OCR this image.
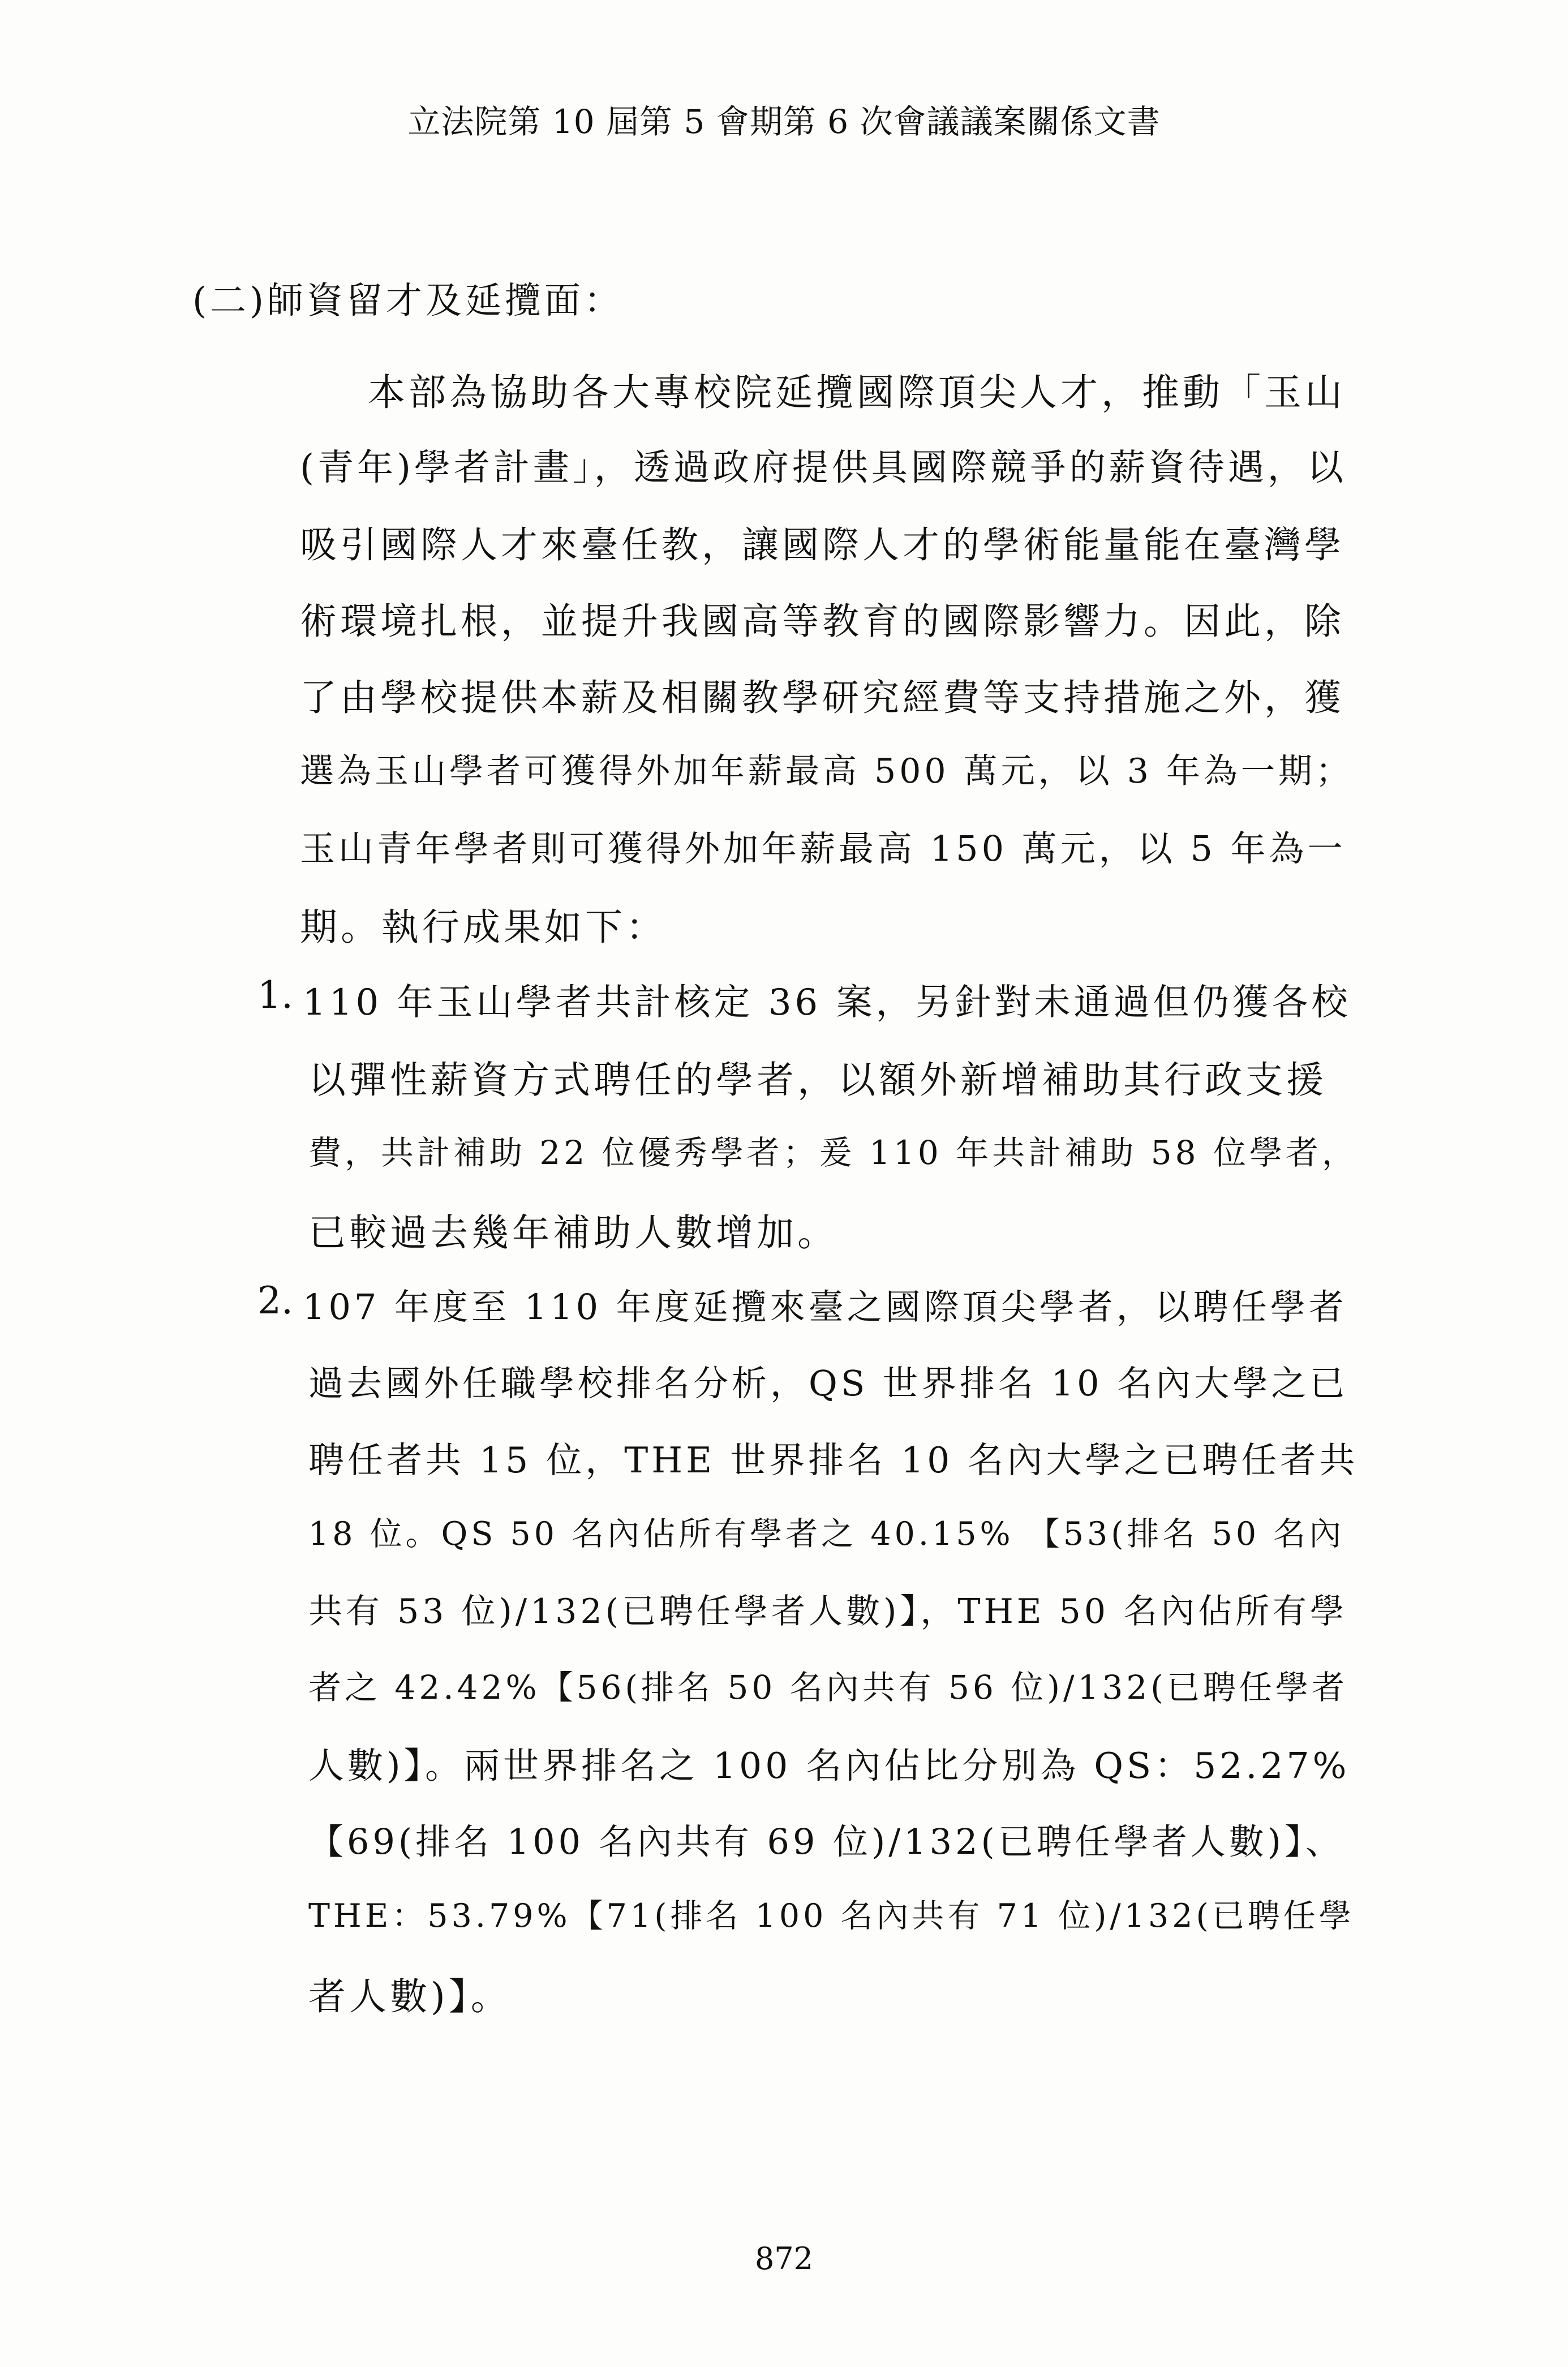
立法院第 10 屆第 5 會期第 6 次會議議案關係文書
(二)師資留才及延攬面：
本部為協助各大專校院延攬國際頂尖人才，推動「玉山
(青年)學者計畫」，透過政府提供具國際競爭的薪資待遇，以
吸引國際人才來臺任教，讓國際人才的學術能量能在臺灣學
術環境扎根，並提升我國高等教育的國際影響力。因此，除
了由學校提供本薪及相關教學研究經費等支持措施之外，獲
選為玉山學者可獲得外加年薪最高 500 萬元，以 3 年為一期；
玉山青年學者則可獲得外加年薪最高 150 萬元，以 5 年為一
期。執行成果如下：
1. 110 年玉山學者共計核定 36 案，另針對未通過但仍獲各校
以彈性薪資方式聘任的學者，以額外新增補助其行政支援
費，共計補助 22 位優秀學者；爰 110 年共計補助 58 位學者，
已較過去幾年補助人數增加。
2. 107 年度至 110 年度延攬來臺之國際頂尖學者，以聘任學者
過去國外任職學校排名分析，QS 世界排名 10 名內大學之已
聘任者共 15 位，THE 世界排名 10 名內大學之已聘任者共
18 位。QS 50 名內佔所有學者之 40.15% 【53(排名 50 名內
共有 53 位)/132(已聘任學者人數)】，THE 50 名內佔所有學
者之 42.42%【56(排名 50 名內共有 56 位)/132(已聘任學者
人數)】。兩世界排名之 100 名內佔比分別為 QS：52.27%
【69(排名 100 名內共有 69 位)/132(已聘任學者人數)】、
THE：53.79%【71(排名 100 名內共有 71 位)/132(已聘任學
者人數)】。
872
